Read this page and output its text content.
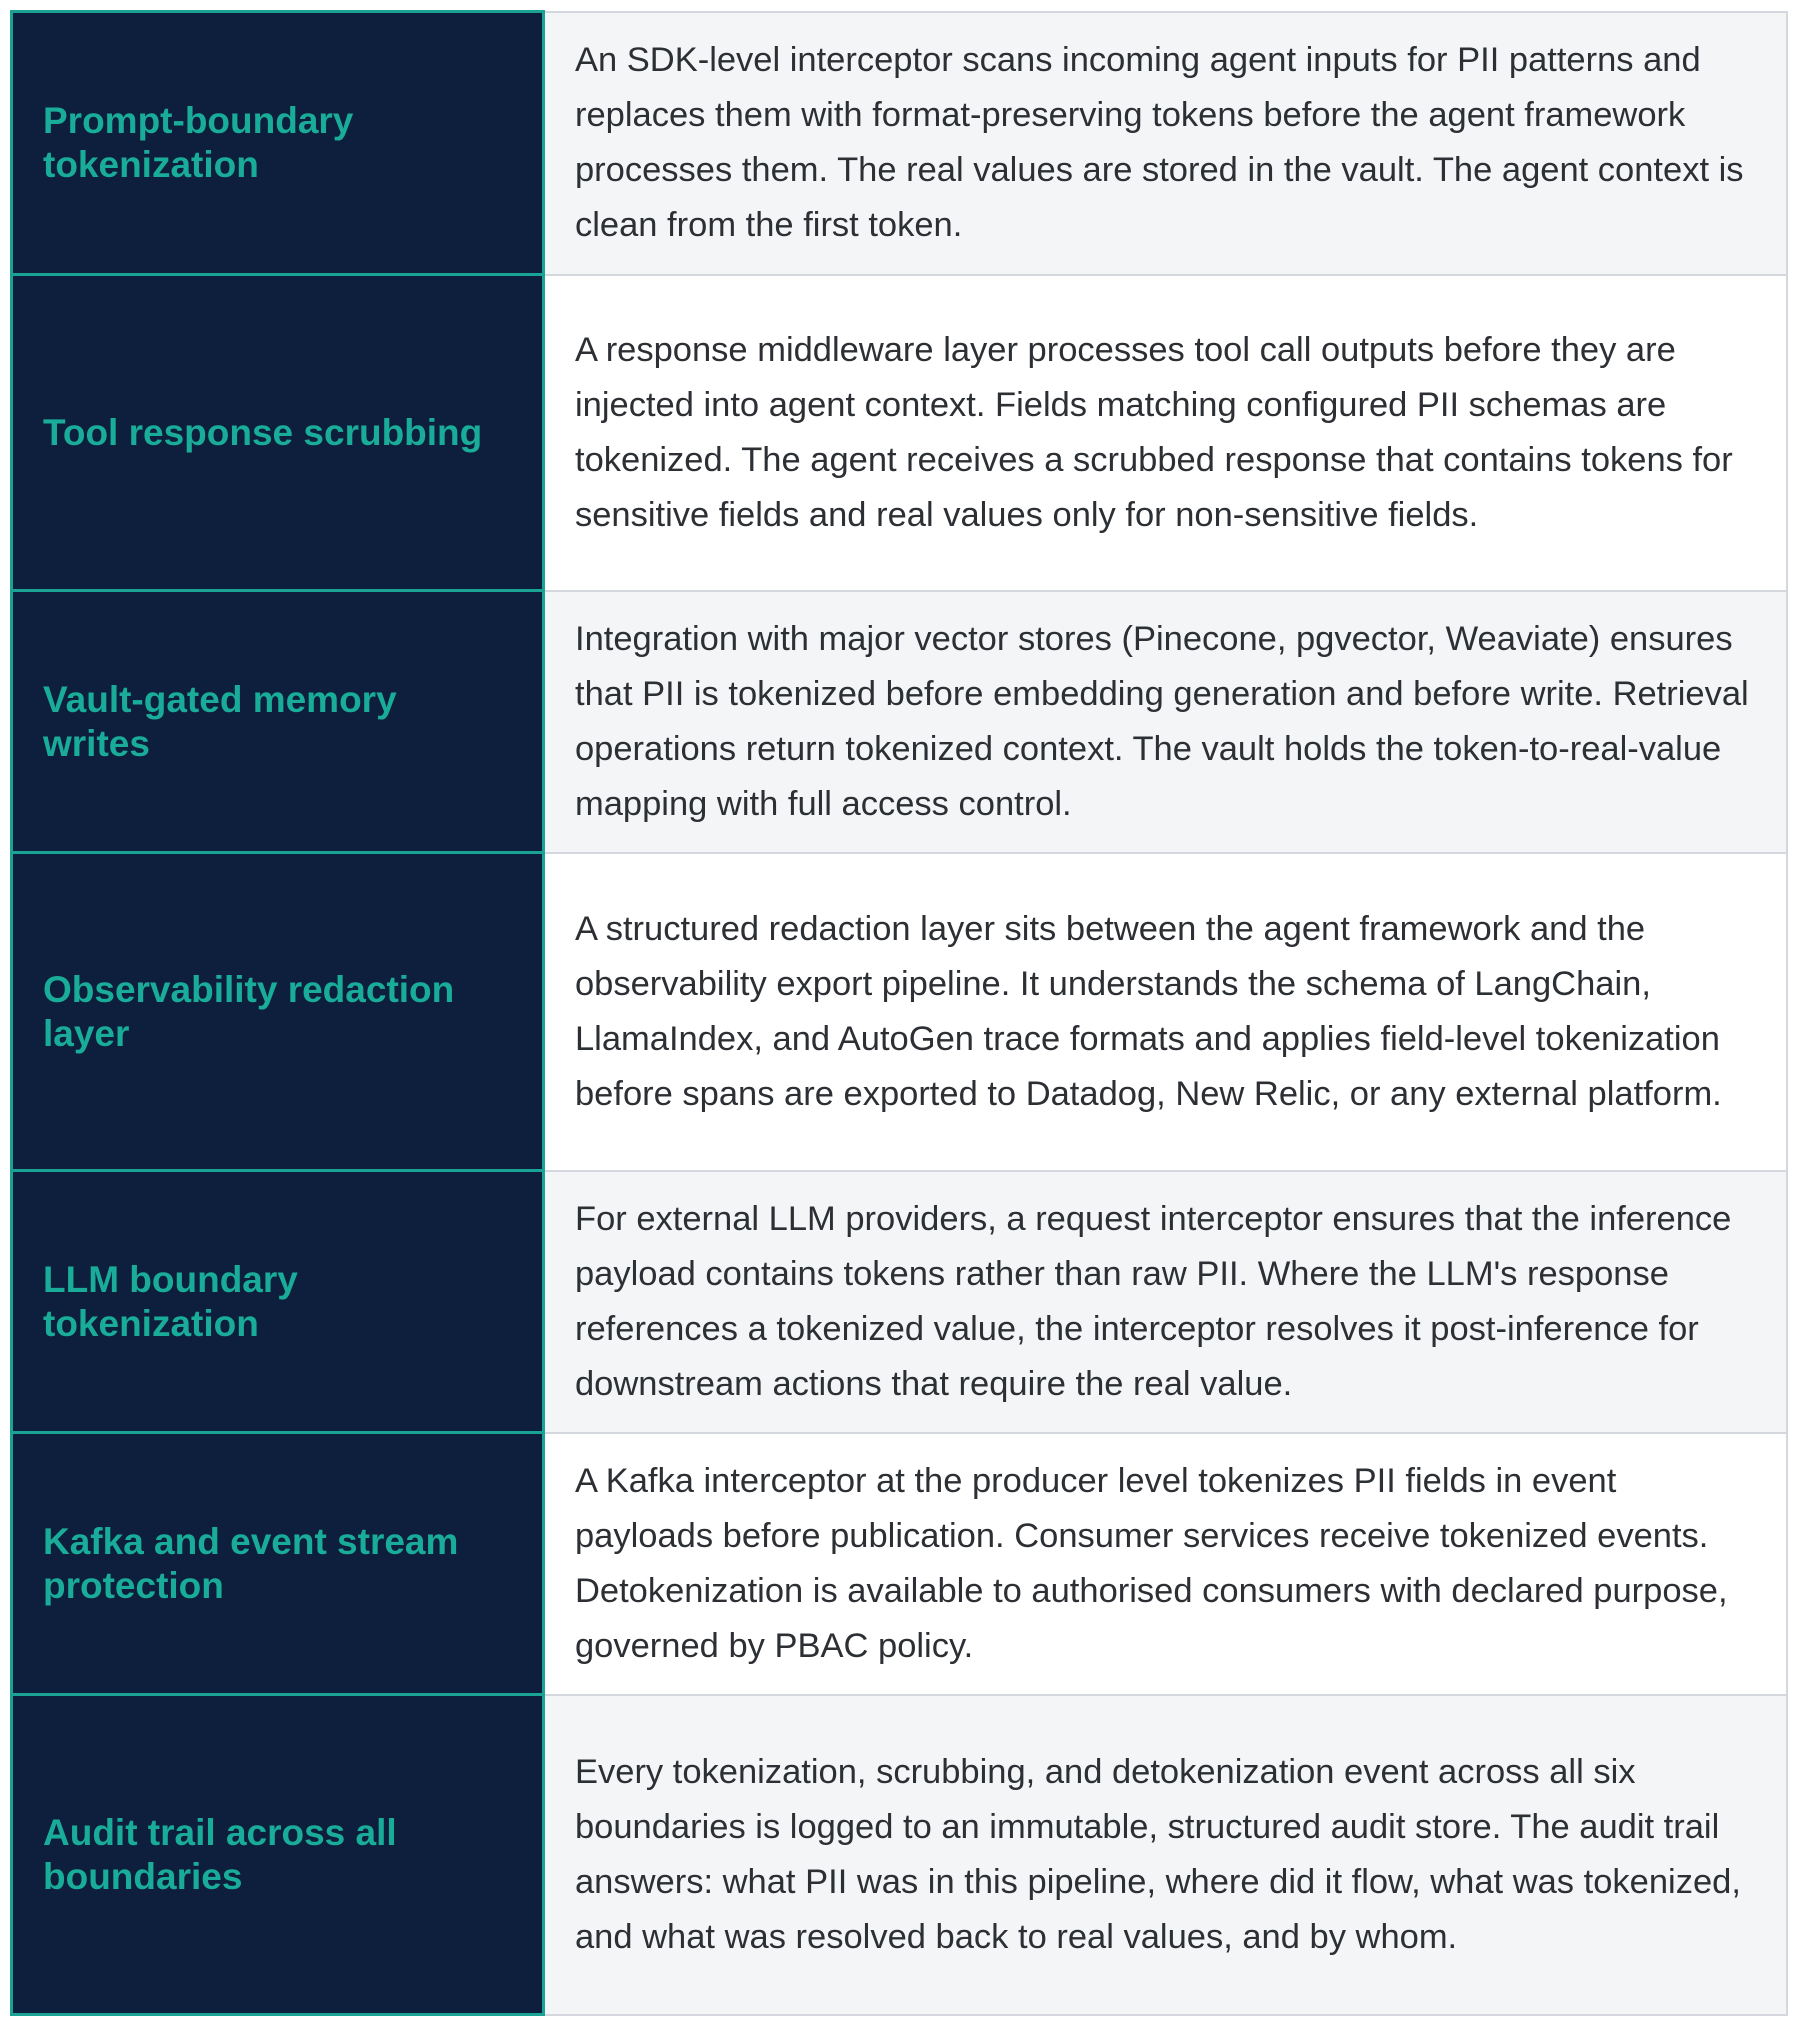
Prompt-boundary tokenization	An SDK-level interceptor scans incoming agent inputs for PII patterns and replaces them with format-preserving tokens before the agent framework processes them. The real values are stored in the vault. The agent context is clean from the first token.

Tool response scrubbing	A response middleware layer processes tool call outputs before they are injected into agent context. Fields matching configured PII schemas are tokenized. The agent receives a scrubbed response that contains tokens for sensitive fields and real values only for non-sensitive fields.

Vault-gated memory writes	Integration with major vector stores (Pinecone, pgvector, Weaviate) ensures that PII is tokenized before embedding generation and before write. Retrieval operations return tokenized context. The vault holds the token-to-real-value mapping with full access control.

Observability redaction layer	A structured redaction layer sits between the agent framework and the observability export pipeline. It understands the schema of LangChain, LlamaIndex, and AutoGen trace formats and applies field-level tokenization before spans are exported to Datadog, New Relic, or any external platform.

LLM boundary tokenization	For external LLM providers, a request interceptor ensures that the inference payload contains tokens rather than raw PII. Where the LLM's response references a tokenized value, the interceptor resolves it post-inference for downstream actions that require the real value.

Kafka and event stream protection	A Kafka interceptor at the producer level tokenizes PII fields in event payloads before publication. Consumer services receive tokenized events. Detokenization is available to authorised consumers with declared purpose, governed by PBAC policy.

Audit trail across all boundaries	Every tokenization, scrubbing, and detokenization event across all six boundaries is logged to an immutable, structured audit store. The audit trail answers: what PII was in this pipeline, where did it flow, what was tokenized, and what was resolved back to real values, and by whom.
